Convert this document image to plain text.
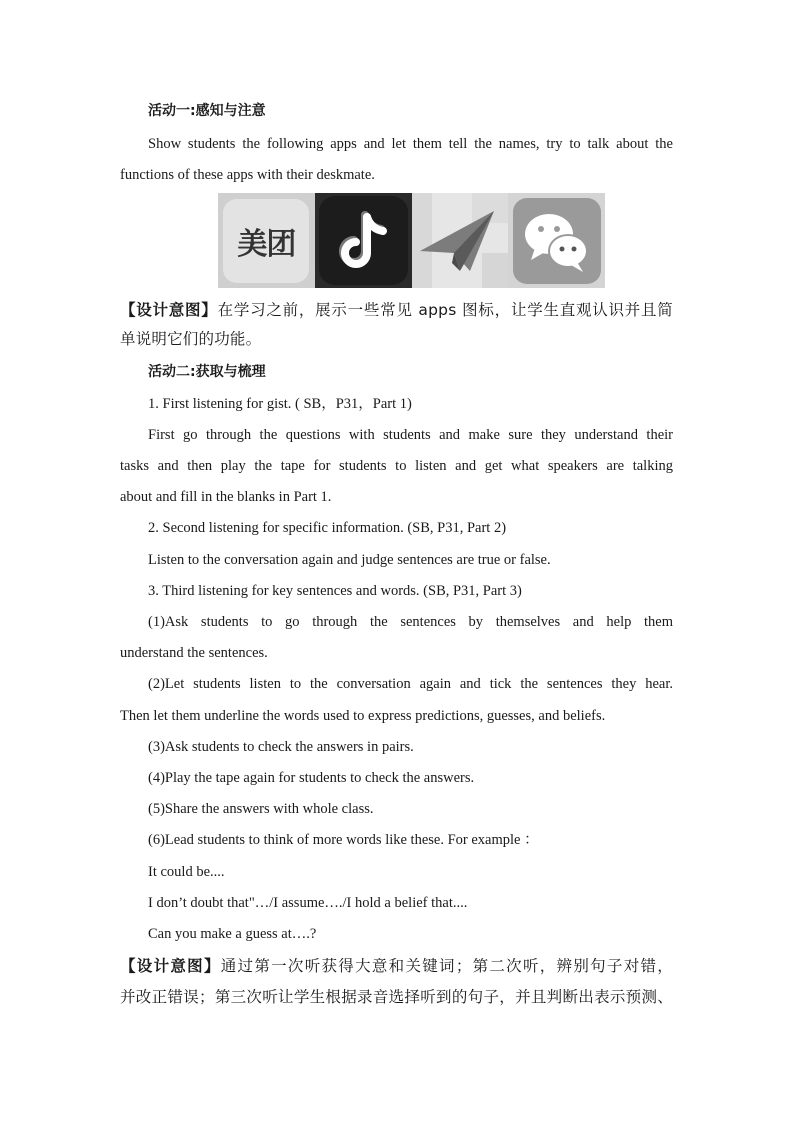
活动一:感知与注意
Show students the following apps and let them tell the names, try to talk about the
functions of these apps with their deskmate.
美团
【设计意图】在学习之前，展示一些常见 apps 图标，让学生直观认识并且简
单说明它们的功能。
活动二:获取与梳理
1. First listening for gist. ( SB，P31，Part 1)
First go through the questions with students and make sure they understand their
tasks and then play the tape for students to listen and get what speakers are talking
about and fill in the blanks in Part 1.
2. Second listening for specific information. (SB, P31, Part 2)
Listen to the conversation again and judge sentences are true or false.
3. Third listening for key sentences and words. (SB, P31, Part 3)
(1)Ask students to go through the sentences by themselves and help them
understand the sentences.
(2)Let students listen to the conversation again and tick the sentences they hear.
Then let them underline the words used to express predictions, guesses, and beliefs.
(3)Ask students to check the answers in pairs.
(4)Play the tape again for students to check the answers.
(5)Share the answers with whole class.
(6)Lead students to think of more words like these. For example ：
It could be....
I don’t doubt that"…/I assume…./I hold a belief that....
Can you make a guess at….?
【设计意图】通过第一次听获得大意和关键词；第二次听，辨别句子对错，
并改正错误；第三次听让学生根据录音选择听到的句子，并且判断出表示预测、
